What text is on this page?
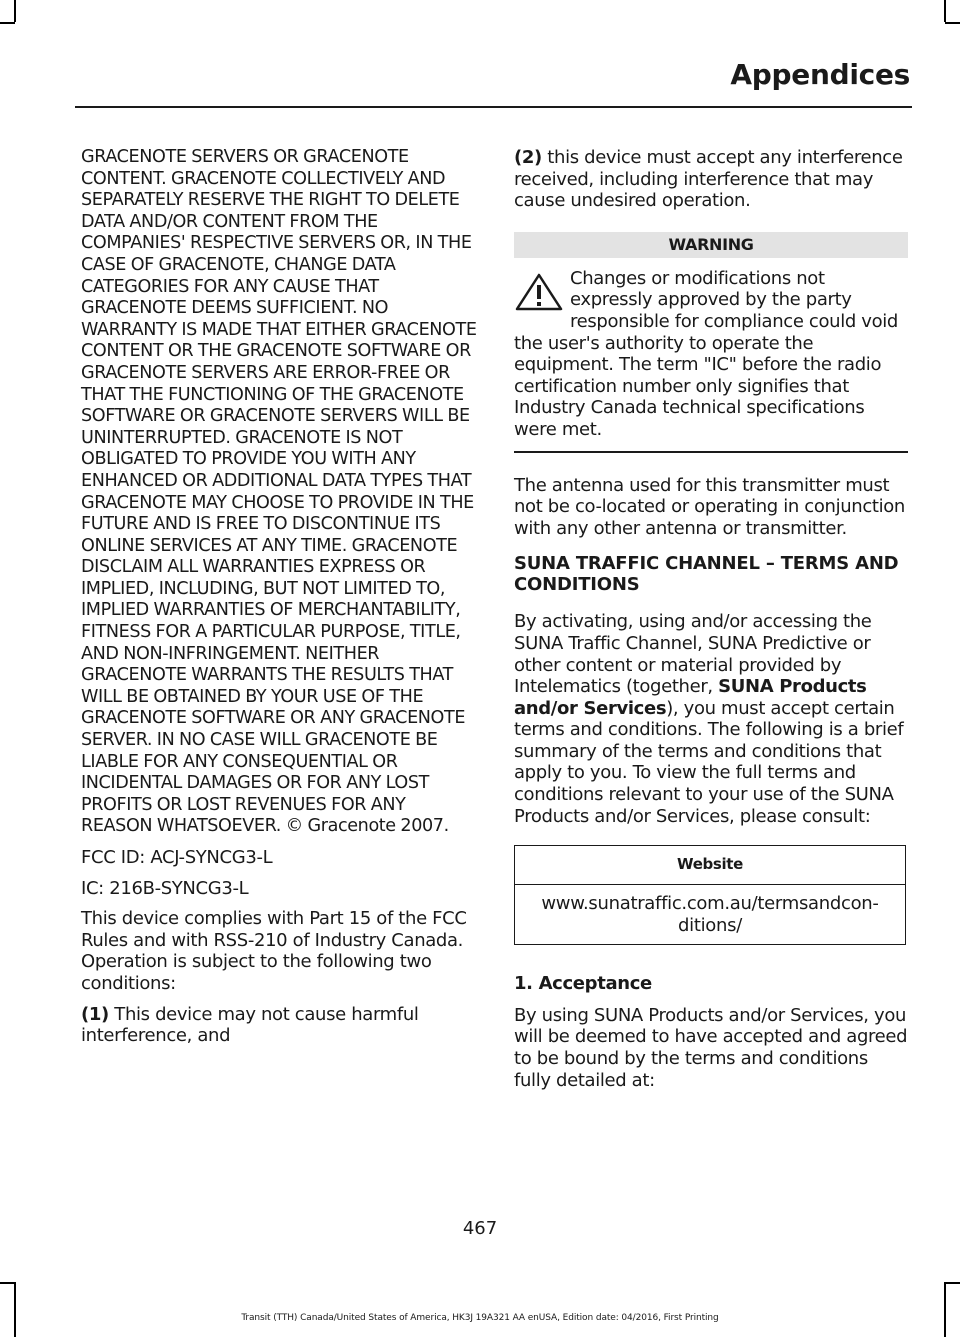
Appendices

GRACENOTE SERVERS OR GRACENOTE CONTENT. GRACENOTE COLLECTIVELY AND SEPARATELY RESERVE THE RIGHT TO DELETE DATA AND/OR CONTENT FROM THE COMPANIES' RESPECTIVE SERVERS OR, IN THE CASE OF GRACENOTE, CHANGE DATA CATEGORIES FOR ANY CAUSE THAT GRACENOTE DEEMS SUFFICIENT. NO WARRANTY IS MADE THAT EITHER GRACENOTE CONTENT OR THE GRACENOTE SOFTWARE OR GRACENOTE SERVERS ARE ERROR-FREE OR THAT THE FUNCTIONING OF THE GRACENOTE SOFTWARE OR GRACENOTE SERVERS WILL BE UNINTERRUPTED. GRACENOTE IS NOT OBLIGATED TO PROVIDE YOU WITH ANY ENHANCED OR ADDITIONAL DATA TYPES THAT GRACENOTE MAY CHOOSE TO PROVIDE IN THE FUTURE AND IS FREE TO DISCONTINUE ITS ONLINE SERVICES AT ANY TIME. GRACENOTE DISCLAIM ALL WARRANTIES EXPRESS OR IMPLIED, INCLUDING, BUT NOT LIMITED TO, IMPLIED WARRANTIES OF MERCHANTABILITY, FITNESS FOR A PARTICULAR PURPOSE, TITLE, AND NON-INFRINGEMENT. NEITHER GRACENOTE WARRANTS THE RESULTS THAT WILL BE OBTAINED BY YOUR USE OF THE GRACENOTE SOFTWARE OR ANY GRACENOTE SERVER. IN NO CASE WILL GRACENOTE BE LIABLE FOR ANY CONSEQUENTIAL OR INCIDENTAL DAMAGES OR FOR ANY LOST PROFITS OR LOST REVENUES FOR ANY REASON WHATSOEVER. © Gracenote 2007.

FCC ID: ACJ-SYNCG3-L

IC: 216B-SYNCG3-L

This device complies with Part 15 of the FCC Rules and with RSS-210 of Industry Canada. Operation is subject to the following two conditions:

(1) This device may not cause harmful interference, and

(2) this device must accept any interference received, including interference that may cause undesired operation.

WARNING
Changes or modifications not expressly approved by the party responsible for compliance could void the user's authority to operate the equipment. The term "IC" before the radio certification number only signifies that Industry Canada technical specifications were met.

The antenna used for this transmitter must not be co-located or operating in conjunction with any other antenna or transmitter.

SUNA TRAFFIC CHANNEL – TERMS AND CONDITIONS

By activating, using and/or accessing the SUNA Traffic Channel, SUNA Predictive or other content or material provided by Intelematics (together, SUNA Products and/or Services), you must accept certain terms and conditions. The following is a brief summary of the terms and conditions that apply to you. To view the full terms and conditions relevant to your use of the SUNA Products and/or Services, please consult:

Website
www.sunatraffic.com.au/termsandcon-ditions/
1. Acceptance

By using SUNA Products and/or Services, you will be deemed to have accepted and agreed to be bound by the terms and conditions fully detailed at:

467
Transit (TTH) Canada/United States of America, HK3J 19A321 AA enUSA, Edition date: 04/2016, First Printing
